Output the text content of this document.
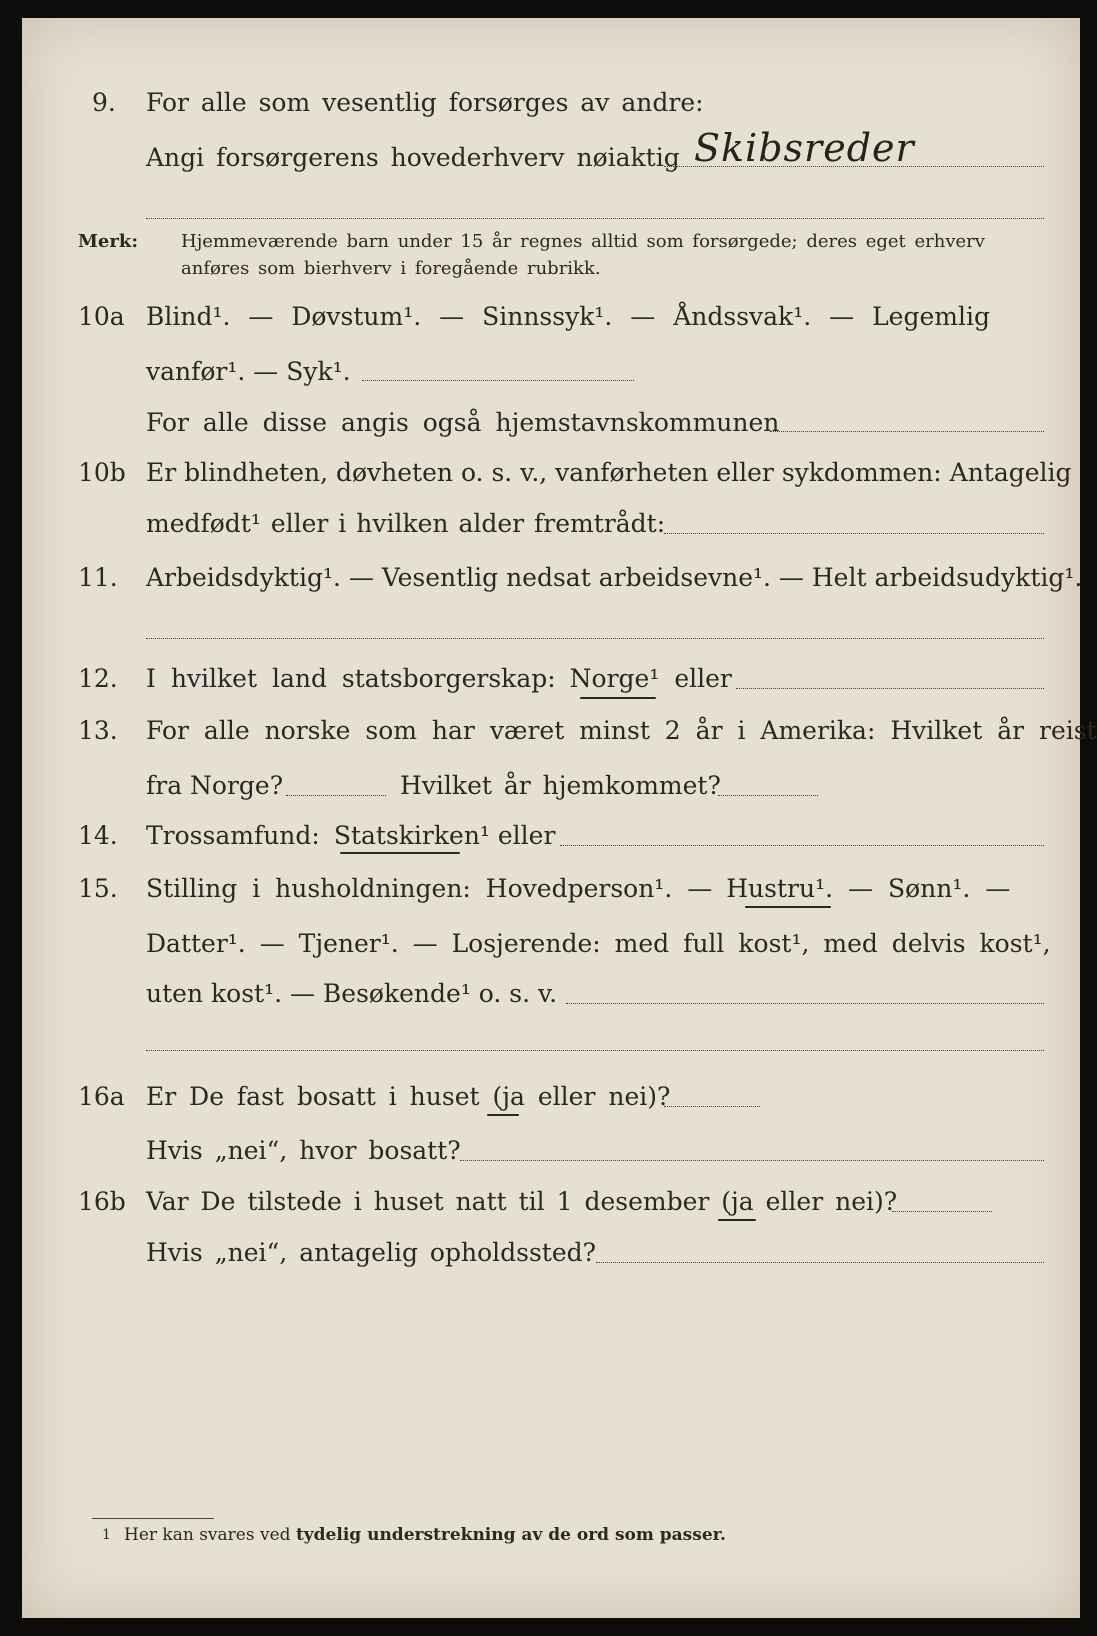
9. For alle som vesentlig forsørges av andre:
Angi forsørgerens hovederhverv nøiaktig Skibsreder
Merk: Hjemmeværende barn under 15 år regnes alltid som forsørgede; deres eget erhverv
anføres som bierhverv i foregående rubrikk.
10a Blind¹. — Døvstum¹. — Sinnssyk¹. — Åndssvak¹. — Legemlig
vanfør¹. — Syk¹.
For alle disse angis også hjemstavnskommunen
10b Er blindheten, døvheten o. s. v., vanførheten eller sykdommen: Antagelig
medfødt¹ eller i hvilken alder fremtrådt:
11. Arbeidsdyktig¹. — Vesentlig nedsat arbeidsevne¹. — Helt arbeidsudyktig¹.
12. I hvilket land statsborgerskap: Norge¹ eller
13. For alle norske som har været minst 2 år i Amerika: Hvilket år reist
fra Norge?	Hvilket år hjemkommet?
14. Trossamfund: Statskirken¹ eller
15. Stilling i husholdningen: Hovedperson¹. — Hustru¹. — Sønn¹. —
Datter¹. — Tjener¹. — Losjerende: med full kost¹, med delvis kost¹,
uten kost¹. — Besøkende¹ o. s. v.
16a Er De fast bosatt i huset (ja eller nei)?
Hvis „nei“, hvor bosatt?
16b Var De tilstede i huset natt til 1 desember (ja eller nei)?
Hvis „nei“, antagelig opholdssted?
1 Her kan svares ved tydelig understrekning av de ord som passer.
